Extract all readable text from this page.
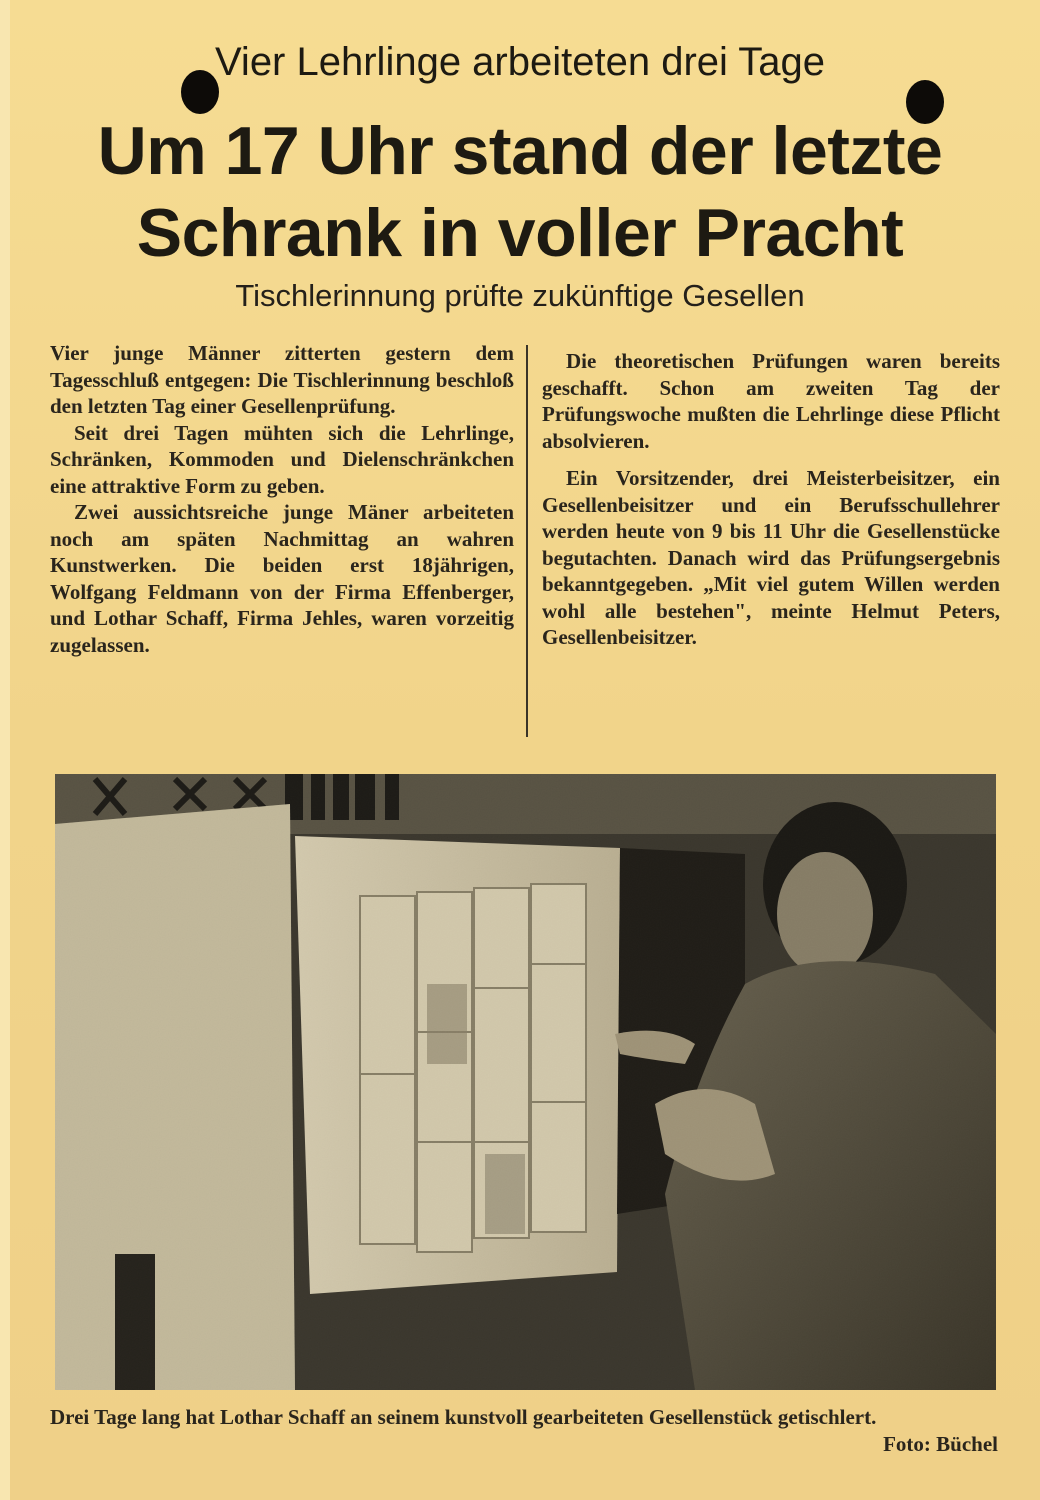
Vier Lehrlinge arbeiteten drei Tage
Um 17 Uhr stand der letzte
Schrank in voller Pracht
Tischlerinnung prüfte zukünftige Gesellen

Vier junge Männer zitterten gestern dem Tagesschluß entgegen: Die Tischlerinnung beschloß den letzten Tag einer Gesellenprüfung.

Seit drei Tagen mühten sich die Lehrlinge, Schränken, Kommoden und Dielenschränkchen eine attraktive Form zu geben.

Zwei aussichtsreiche junge Mäner arbeiteten noch am späten Nachmittag an wahren Kunstwerken. Die beiden erst 18jährigen, Wolfgang Feldmann von der Firma Effenberger, und Lothar Schaff, Firma Jehles, waren vorzeitig zugelassen.

Die theoretischen Prüfungen waren bereits geschafft. Schon am zweiten Tag der Prüfungswoche mußten die Lehrlinge diese Pflicht absolvieren.

Ein Vorsitzender, drei Meisterbeisitzer, ein Gesellenbeisitzer und ein Berufsschullehrer werden heute von 9 bis 11 Uhr die Gesellenstücke begutachten. Danach wird das Prüfungsergebnis bekanntgegeben. „Mit viel gutem Willen werden wohl alle bestehen", meinte Helmut Peters, Gesellenbeisitzer.

Drei Tage lang hat Lothar Schaff an seinem kunstvoll gearbeiteten Gesellenstück getischlert.
Foto: Büchel
